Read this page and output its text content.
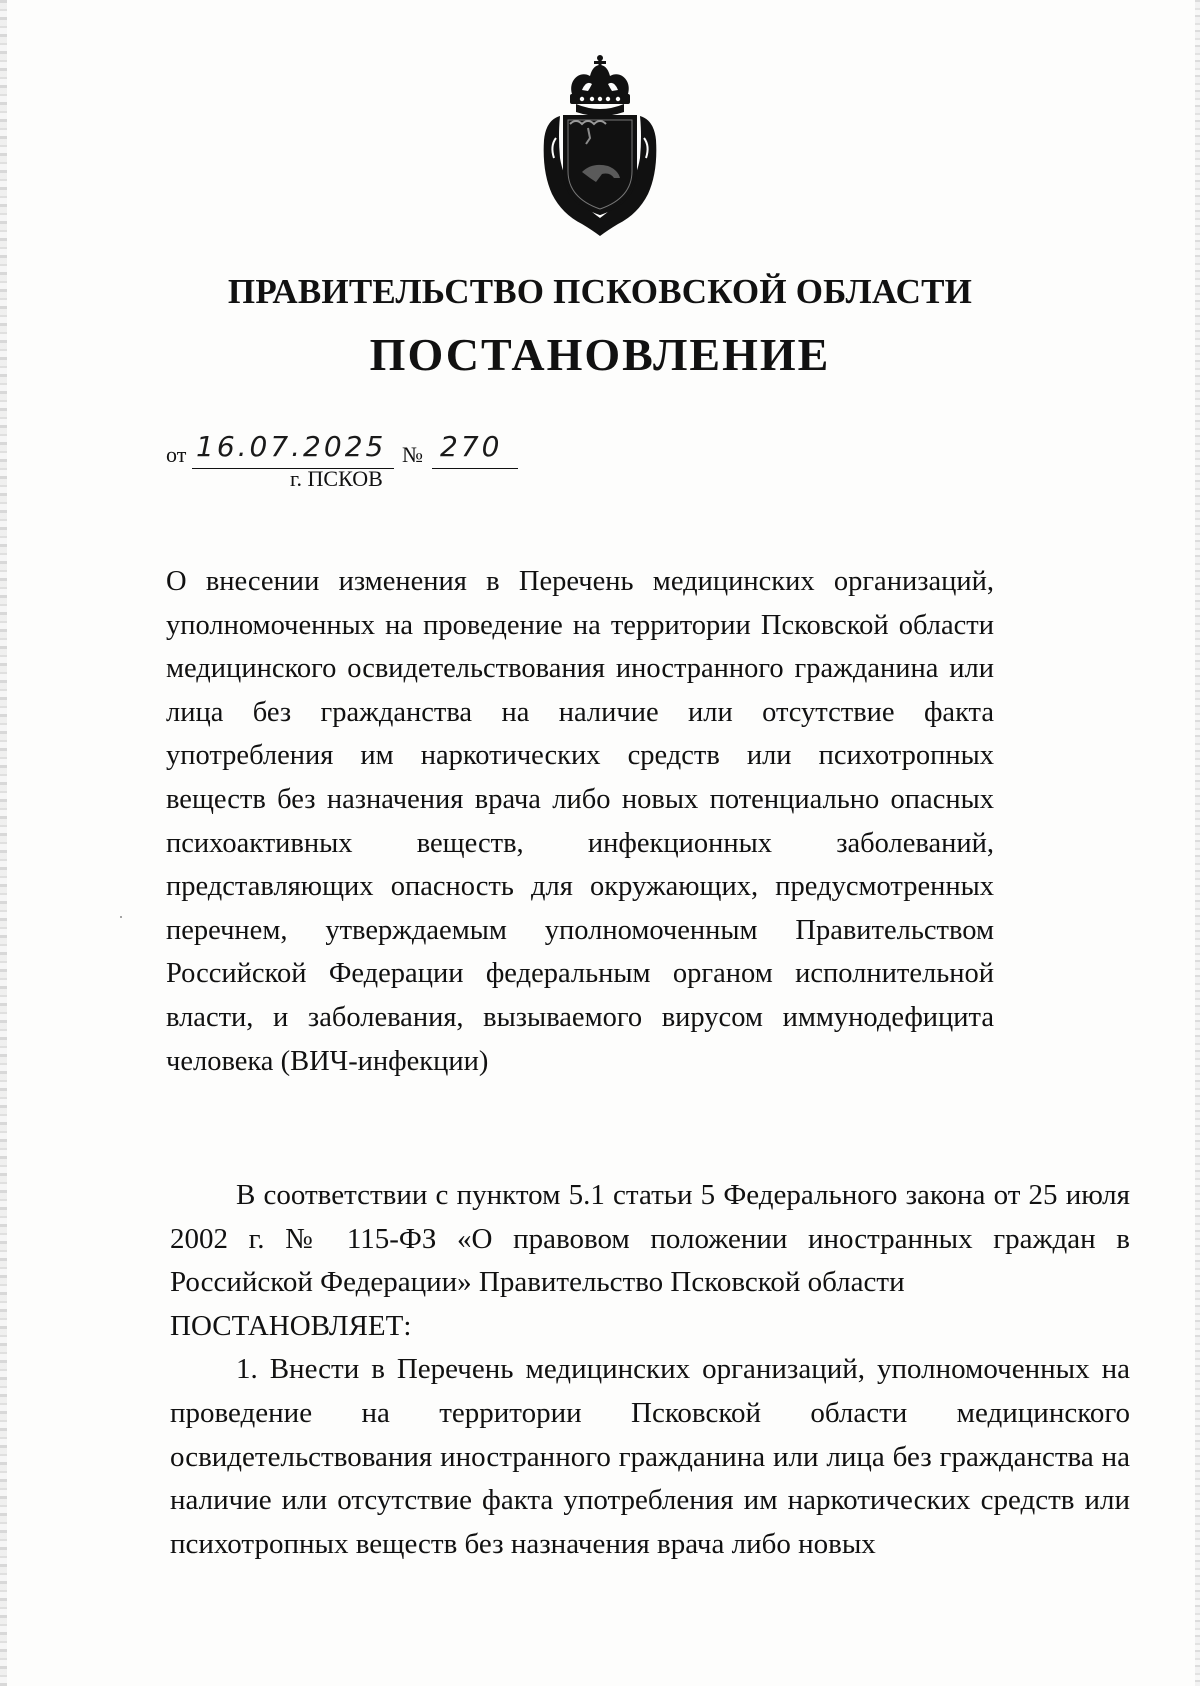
ПРАВИТЕЛЬСТВО ПСКОВСКОЙ ОБЛАСТИ
ПОСТАНОВЛЕНИЕ
от 16.07.2025 № 270
г. ПСКОВ
О внесении изменения в Перечень медицинских организаций, уполномоченных на проведение на территории Псковской области медицинского освидетельствования иностранного гражданина или лица без гражданства на наличие или отсутствие факта употребления им наркотических средств или психотропных веществ без назначения врача либо новых потенциально опасных психоактивных веществ, инфекционных заболеваний, представляющих опасность для окружающих, предусмотренных перечнем, утверждаемым уполномоченным Правительством Российской Федерации федеральным органом исполнительной власти, и заболевания, вызываемого вирусом иммунодефицита человека (ВИЧ-инфекции)

В соответствии с пунктом 5.1 статьи 5 Федерального закона от 25 июля 2002 г. № 115-ФЗ «О правовом положении иностранных граждан в Российской Федерации» Правительство Псковской области

ПОСТАНОВЛЯЕТ:

1. Внести в Перечень медицинских организаций, уполномоченных на проведение на территории Псковской области медицинского освидетельствования иностранного гражданина или лица без гражданства на наличие или отсутствие факта употребления им наркотических средств или психотропных веществ без назначения врача либо новых
